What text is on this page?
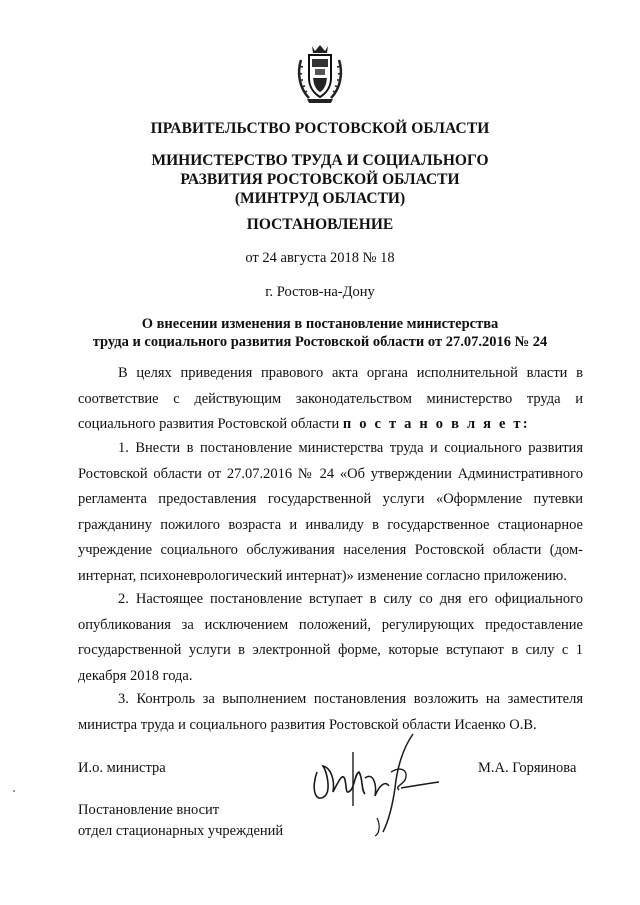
ПРАВИТЕЛЬСТВО РОСТОВСКОЙ ОБЛАСТИ
МИНИСТЕРСТВО ТРУДА И СОЦИАЛЬНОГО
РАЗВИТИЯ РОСТОВСКОЙ ОБЛАСТИ
(МИНТРУД ОБЛАСТИ)
ПОСТАНОВЛЕНИЕ
от 24 августа 2018 № 18
г. Ростов-на-Дону
О внесении изменения в постановление министерства
труда и социального развития Ростовской области от 27.07.2016 № 24

В целях приведения правового акта органа исполнительной власти в соответствие с действующим законодательством министерство труда и социального развития Ростовской области п о с т а н о в л я е т:

1. Внести в постановление министерства труда и социального развития Ростовской области от 27.07.2016 № 24 «Об утверждении Административного регламента предоставления государственной услуги «Оформление путевки гражданину пожилого возраста и инвалиду в государственное стационарное учреждение социального обслуживания населения Ростовской области (дом-интернат, психоневрологический интернат)» изменение согласно приложению.

2. Настоящее постановление вступает в силу со дня его официального опубликования за исключением положений, регулирующих предоставление государственной услуги в электронной форме, которые вступают в силу с 1 декабря 2018 года.

3. Контроль за выполнением постановления возложить на заместителя министра труда и социального развития Ростовской области Исаенко О.В.

И.о. министра	М.А. Горяинова
Постановление вносит
отдел стационарных учреждений
